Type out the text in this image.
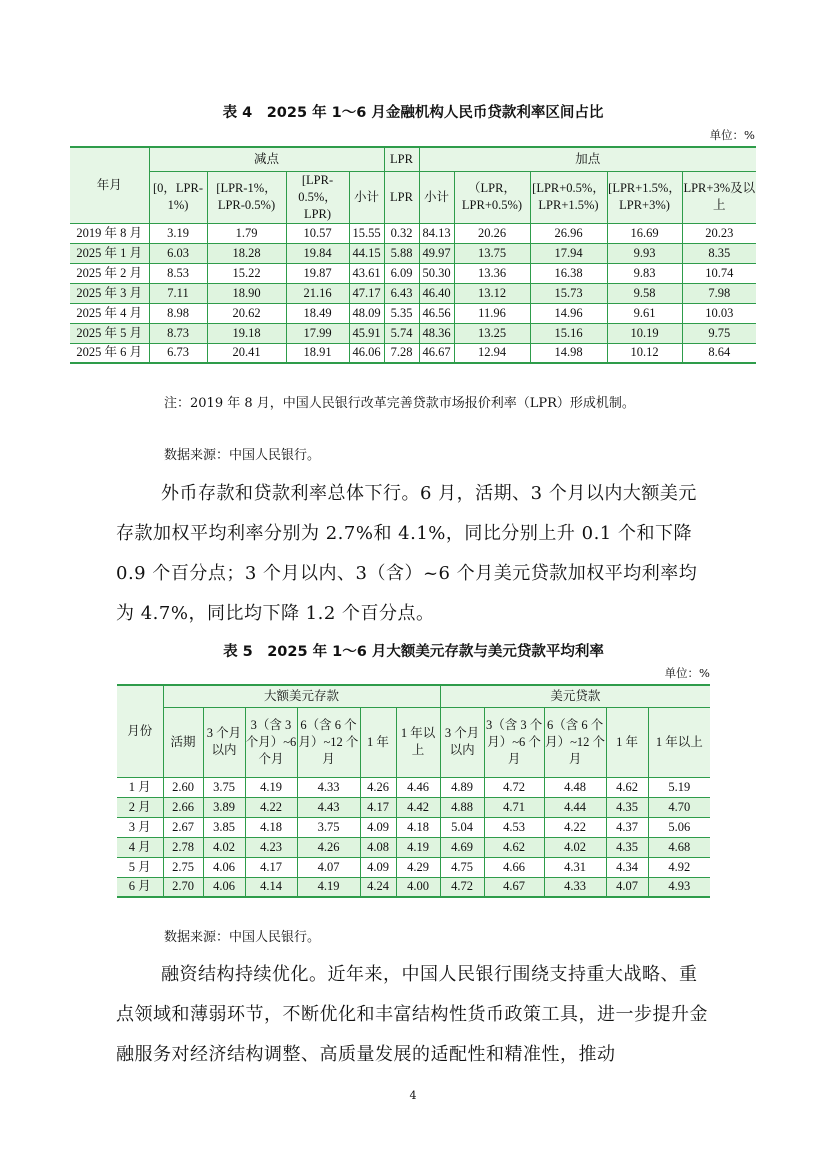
表 4　2025 年 1～6 月金融机构人民币贷款利率区间占比
单位：%
年月	减点				LPR	加点				
	[0，LPR-1%)	[LPR-1%，LPR-0.5%)	[LPR-0.5%，LPR)	小计	LPR	小计	（LPR，LPR+0.5%)	[LPR+0.5%，LPR+1.5%)	[LPR+1.5%，LPR+3%)	LPR+3%及以上
2019 年 8 月	3.19	1.79	10.57	15.55	0.32	84.13	20.26	26.96	16.69	20.23
2025 年 1 月	6.03	18.28	19.84	44.15	5.88	49.97	13.75	17.94	9.93	8.35
2025 年 2 月	8.53	15.22	19.87	43.61	6.09	50.30	13.36	16.38	9.83	10.74
2025 年 3 月	7.11	18.90	21.16	47.17	6.43	46.40	13.12	15.73	9.58	7.98
2025 年 4 月	8.98	20.62	18.49	48.09	5.35	46.56	11.96	14.96	9.61	10.03
2025 年 5 月	8.73	19.18	17.99	45.91	5.74	48.36	13.25	15.16	10.19	9.75
2025 年 6 月	6.73	20.41	18.91	46.06	7.28	46.67	12.94	14.98	10.12	8.64
注：2019 年 8 月，中国人民银行改革完善贷款市场报价利率（LPR）形成机制。
数据来源：中国人民银行。
外币存款和贷款利率总体下行。6 月，活期、3 个月以内大额美元存款加权平均利率分别为 2.7%和 4.1%，同比分别上升 0.1 个和下降 0.9 个百分点；3 个月以内、3（含）~6 个月美元贷款加权平均利率均为 4.7%，同比均下降 1.2 个百分点。
表 5　2025 年 1～6 月大额美元存款与美元贷款平均利率
单位：%
月份	大额美元存款						美元贷款				
	活期	3 个月以内	3（含 3 个月）~6 个月	6（含 6 个月）~12 个月	1 年	1 年以上	3 个月以内	3（含 3 个月）~6 个月	6（含 6 个月）~12 个月	1 年	1 年以上
1 月	2.60	3.75	4.19	4.33	4.26	4.46	4.89	4.72	4.48	4.62	5.19
2 月	2.66	3.89	4.22	4.43	4.17	4.42	4.88	4.71	4.44	4.35	4.70
3 月	2.67	3.85	4.18	3.75	4.09	4.18	5.04	4.53	4.22	4.37	5.06
4 月	2.78	4.02	4.23	4.26	4.08	4.19	4.69	4.62	4.02	4.35	4.68
5 月	2.75	4.06	4.17	4.07	4.09	4.29	4.75	4.66	4.31	4.34	4.92
6 月	2.70	4.06	4.14	4.19	4.24	4.00	4.72	4.67	4.33	4.07	4.93
数据来源：中国人民银行。
融资结构持续优化。近年来，中国人民银行围绕支持重大战略、重点领域和薄弱环节，不断优化和丰富结构性货币政策工具，进一步提升金融服务对经济结构调整、高质量发展的适配性和精准性，推动
4
